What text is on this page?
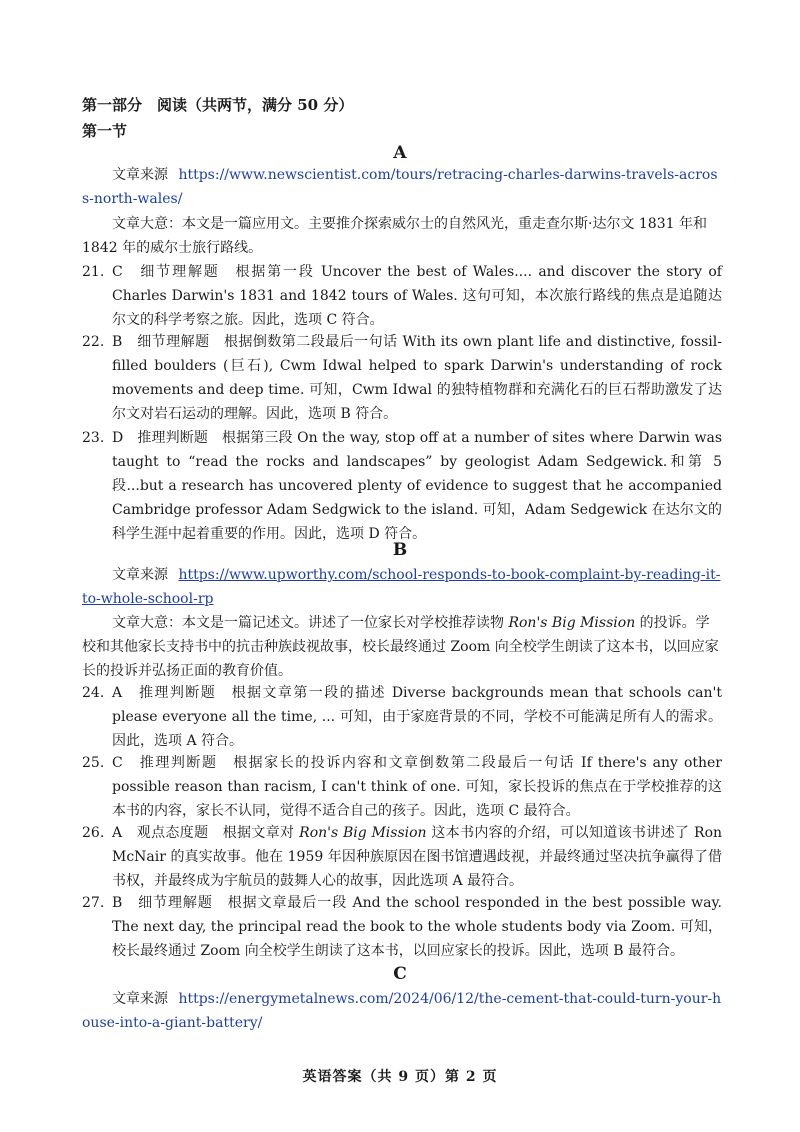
第一部分　阅读（共两节，满分 50 分）
第一节
A
文章来源 https://www.newscientist.com/tours/retracing-charles-darwins-travels-across-north-wales/
文章大意：本文是一篇应用文。主要推介探索威尔士的自然风光，重走查尔斯·达尔文 1831 年和 1842 年的威尔士旅行路线。
21. C　细节理解题　根据第一段 Uncover the best of Wales.... and discover the story of Charles Darwin's 1831 and 1842 tours of Wales. 这句可知，本次旅行路线的焦点是追随达尔文的科学考察之旅。因此，选项 C 符合。
22. B　细节理解题　根据倒数第二段最后一句话 With its own plant life and distinctive, fossil-filled boulders (巨石), Cwm Idwal helped to spark Darwin's understanding of rock movements and deep time. 可知，Cwm Idwal 的独特植物群和充满化石的巨石帮助激发了达尔文对岩石运动的理解。因此，选项 B 符合。
23. D　推理判断题　根据第三段 On the way, stop off at a number of sites where Darwin was taught to “read the rocks and landscapes” by geologist Adam Sedgewick.和第 5 段...but a research has uncovered plenty of evidence to suggest that he accompanied Cambridge professor Adam Sedgwick to the island. 可知，Adam Sedgewick 在达尔文的科学生涯中起着重要的作用。因此，选项 D 符合。
B
文章来源 https://www.upworthy.com/school-responds-to-book-complaint-by-reading-it-to-whole-school-rp
文章大意：本文是一篇记述文。讲述了一位家长对学校推荐读物 Ron's Big Mission 的投诉。学校和其他家长支持书中的抗击种族歧视故事，校长最终通过 Zoom 向全校学生朗读了这本书，以回应家长的投诉并弘扬正面的教育价值。
24. A　推理判断题　根据文章第一段的描述 Diverse backgrounds mean that schools can't please everyone all the time, ... 可知，由于家庭背景的不同，学校不可能满足所有人的需求。因此，选项 A 符合。
25. C　推理判断题　根据家长的投诉内容和文章倒数第二段最后一句话 If there's any other possible reason than racism, I can't think of one. 可知，家长投诉的焦点在于学校推荐的这本书的内容，家长不认同，觉得不适合自己的孩子。因此，选项 C 最符合。
26. A　观点态度题　根据文章对 Ron's Big Mission 这本书内容的介绍，可以知道该书讲述了 Ron McNair 的真实故事。他在 1959 年因种族原因在图书馆遭遇歧视，并最终通过坚决抗争赢得了借书权，并最终成为宇航员的鼓舞人心的故事，因此选项 A 最符合。
27. B　细节理解题　根据文章最后一段 And the school responded in the best possible way. The next day, the principal read the book to the whole students body via Zoom. 可知，校长最终通过 Zoom 向全校学生朗读了这本书，以回应家长的投诉。因此，选项 B 最符合。
C
文章来源 https://energymetalnews.com/2024/06/12/the-cement-that-could-turn-your-house-into-a-giant-battery/
英语答案（共 9 页）第 2 页
